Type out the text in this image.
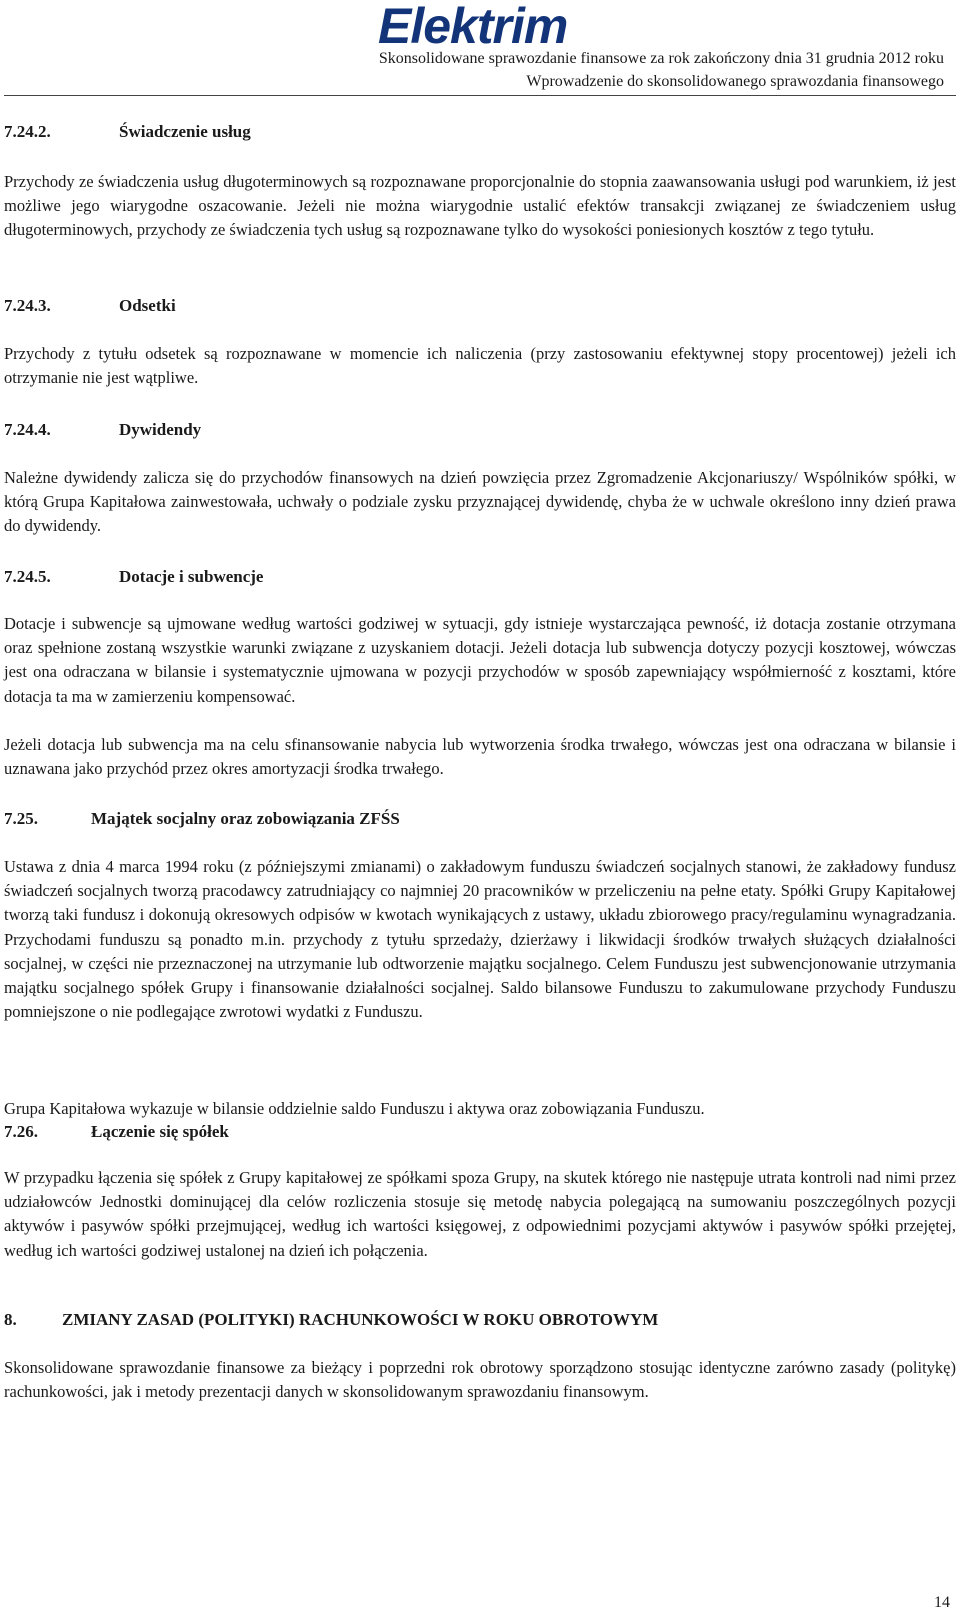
Elektrim
Skonsolidowane sprawozdanie finansowe za rok zakończony dnia 31 grudnia 2012 roku
Wprowadzenie do skonsolidowanego sprawozdania finansowego
7.24.2.	Świadczenie usług

Przychody ze świadczenia usług długoterminowych są rozpoznawane proporcjonalnie do stopnia zaawansowania usługi pod warunkiem, iż jest możliwe jego wiarygodne oszacowanie. Jeżeli nie można wiarygodnie ustalić efektów transakcji związanej ze świadczeniem usług długoterminowych, przychody ze świadczenia tych usług są rozpoznawane tylko do wysokości poniesionych kosztów z tego tytułu.

7.24.3.	Odsetki

Przychody z tytułu odsetek są rozpoznawane w momencie ich naliczenia (przy zastosowaniu efektywnej stopy procentowej) jeżeli ich otrzymanie nie jest wątpliwe.

7.24.4.	Dywidendy

Należne dywidendy zalicza się do przychodów finansowych na dzień powzięcia przez Zgromadzenie Akcjonariuszy/ Wspólników spółki, w którą Grupa Kapitałowa zainwestowała, uchwały o podziale zysku przyznającej dywidendę, chyba że w uchwale określono inny dzień prawa do dywidendy.

7.24.5.	Dotacje i subwencje

Dotacje i subwencje są ujmowane według wartości godziwej w sytuacji, gdy istnieje wystarczająca pewność, iż dotacja zostanie otrzymana oraz spełnione zostaną wszystkie warunki związane z uzyskaniem dotacji. Jeżeli dotacja lub subwencja dotyczy pozycji kosztowej, wówczas jest ona odraczana w bilansie i systematycznie ujmowana w pozycji przychodów w sposób zapewniający współmierność z kosztami, które dotacja ta ma w zamierzeniu kompensować.

Jeżeli dotacja lub subwencja ma na celu sfinansowanie nabycia lub wytworzenia środka trwałego, wówczas jest ona odraczana w bilansie i uznawana jako przychód przez okres amortyzacji środka trwałego.

7.25.	Majątek socjalny oraz zobowiązania ZFŚS

Ustawa z dnia 4 marca 1994 roku (z późniejszymi zmianami) o zakładowym funduszu świadczeń socjalnych stanowi, że zakładowy fundusz świadczeń socjalnych tworzą pracodawcy zatrudniający co najmniej 20 pracowników w przeliczeniu na pełne etaty. Spółki Grupy Kapitałowej tworzą taki fundusz i dokonują okresowych odpisów w kwotach wynikających z ustawy, układu zbiorowego pracy/regulaminu wynagradzania. Przychodami funduszu są ponadto m.in. przychody z tytułu sprzedaży, dzierżawy i likwidacji środków trwałych służących działalności socjalnej, w części nie przeznaczonej na utrzymanie lub odtworzenie majątku socjalnego. Celem Funduszu jest subwencjonowanie utrzymania majątku socjalnego spółek Grupy i finansowanie działalności socjalnej. Saldo bilansowe Funduszu to zakumulowane przychody Funduszu pomniejszone o nie podlegające zwrotowi wydatki z Funduszu.

Grupa Kapitałowa wykazuje w bilansie oddzielnie saldo Funduszu i aktywa oraz zobowiązania Funduszu.

7.26.	Łączenie się spółek

W przypadku łączenia się spółek z Grupy kapitałowej ze spółkami spoza Grupy, na skutek którego nie następuje utrata kontroli nad nimi przez udziałowców Jednostki dominującej dla celów rozliczenia stosuje się metodę nabycia polegającą na sumowaniu poszczególnych pozycji aktywów i pasywów spółki przejmującej, według ich wartości księgowej, z odpowiednimi pozycjami aktywów i pasywów spółki przejętej, według ich wartości godziwej ustalonej na dzień ich połączenia.

8.	ZMIANY ZASAD (POLITYKI) RACHUNKOWOŚCI W ROKU OBROTOWYM

Skonsolidowane sprawozdanie finansowe za bieżący i poprzedni rok obrotowy sporządzono stosując identyczne zarówno zasady (politykę) rachunkowości, jak i metody prezentacji danych w skonsolidowanym sprawozdaniu finansowym.

14
